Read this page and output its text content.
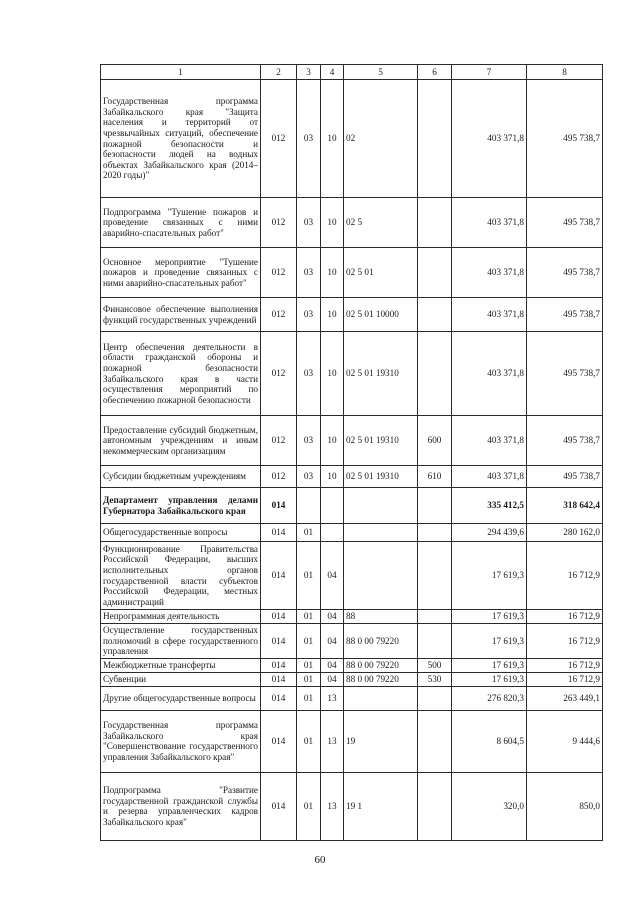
1	2	3	4	5	6	7	8
Государственная программа Забайкальского края "Защита населения и территорий от чрезвычайных ситуаций, обеспечение пожарной безопасности и безопасности людей на водных объектах Забайкальского края (2014–2020 годы)"	012	03	10	02		403 371,8	495 738,7
Подпрограмма "Тушение пожаров и проведение связанных с ними аварийно-спасательных работ"	012	03	10	02 5		403 371,8	495 738,7
Основное мероприятие "Тушение пожаров и проведение связанных с ними аварийно-спасательных работ"	012	03	10	02 5 01		403 371,8	495 738,7
Финансовое обеспечение выполнения функций государственных учреждений	012	03	10	02 5 01 10000		403 371,8	495 738,7
Центр обеспечения деятельности в области гражданской обороны и пожарной безопасности Забайкальского края в части осуществления мероприятий по обеспечению пожарной безопасности	012	03	10	02 5 01 19310		403 371,8	495 738,7
Предоставление субсидий бюджетным, автономным учреждениям и иным некоммерческим организациям	012	03	10	02 5 01 19310	600	403 371,8	495 738,7
Субсидии бюджетным учреждениям	012	03	10	02 5 01 19310	610	403 371,8	495 738,7
Департамент управления делами Губернатора Забайкальского края	014					335 412,5	318 642,4
Общегосударственные вопросы	014	01				294 439,6	280 162,0
Функционирование Правительства Российской Федерации, высших исполнительных органов государственной власти субъектов Российской Федерации, местных администраций	014	01	04			17 619,3	16 712,9
Непрограммная деятельность	014	01	04	88		17 619,3	16 712,9
Осуществление государственных полномочий в сфере государственного управления	014	01	04	88 0 00 79220		17 619,3	16 712,9
Межбюджетные трансферты	014	01	04	88 0 00 79220	500	17 619,3	16 712,9
Субвенции	014	01	04	88 0 00 79220	530	17 619,3	16 712,9
Другие общегосударственные вопросы	014	01	13			276 820,3	263 449,1
Государственная программа Забайкальского края "Совершенствование государственного управления Забайкальского края"	014	01	13	19		8 604,5	9 444,6
Подпрограмма "Развитие государственной гражданской службы и резерва управленческих кадров Забайкальского края"	014	01	13	19 1		320,0	850,0
60
